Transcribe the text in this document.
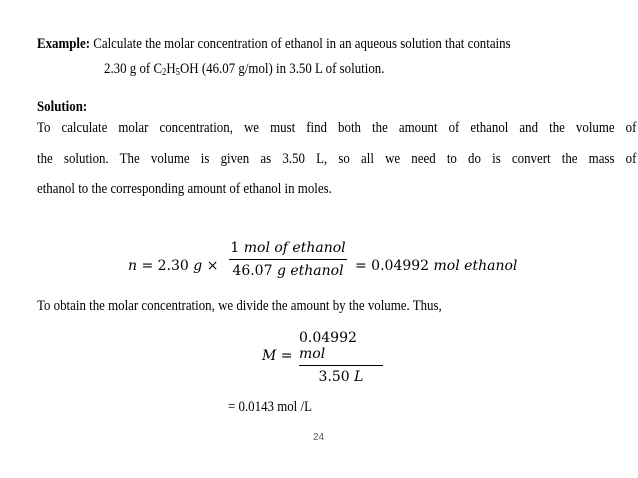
Example: Calculate the molar concentration of ethanol in an aqueous solution that contains
2.30 g of $C_2H_5OH$ (46.07 g/mol) in 3.50 L of solution.
Solution:
To calculate molar concentration, we must find both the amount of ethanol and the volume of
the solution. The volume is given as 3.50 L, so all we need to do is convert the mass of
ethanol to the corresponding amount of ethanol in moles.
n = 2.30 g ×
1 mol of ethanol
46.07 g ethanol = 0.04992 mol ethanol
To obtain the molar concentration, we divide the amount by the volume. Thus,
M =
0.04992 mol
3.50 L
= 0.0143 mol /L
24
